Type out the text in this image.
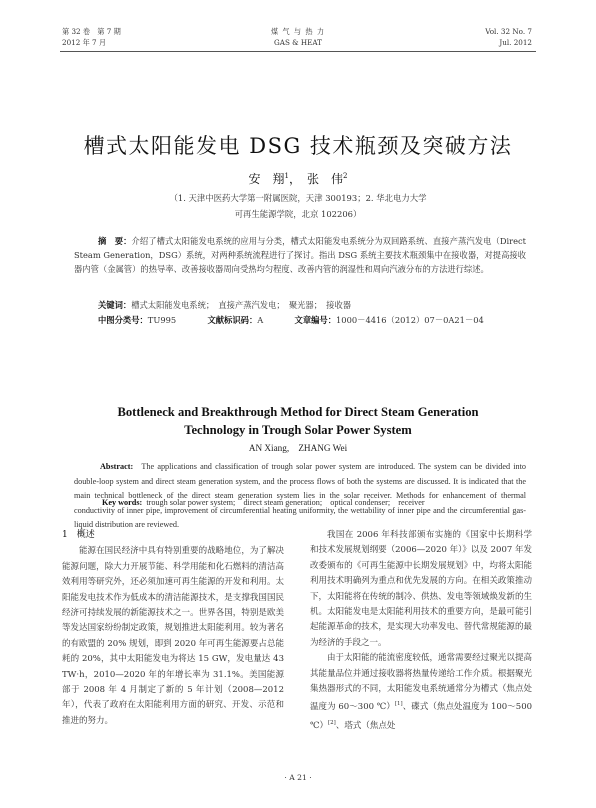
第 32 卷　第 7 期
2012 年 7 月
煤 气 与 热 力
GAS & HEAT
Vol. 32 No. 7
Jul. 2012
槽式太阳能发电 DSG 技术瓶颈及突破方法
安　翔$^1$，　张　伟$^2$
（1. 天津中医药大学第一附属医院，天津 300193；2. 华北电力大学
可再生能源学院，北京 102206）
摘　要：介绍了槽式太阳能发电系统的应用与分类，槽式太阳能发电系统分为双回路系统、直接产蒸汽发电（Direct Steam Generation，DSG）系统，对两种系统流程进行了探讨。指出 DSG 系统主要技术瓶颈集中在接收器，对提高接收器内管（金属管）的热导率、改善接收器周向受热均匀程度、改善内管的润湿性和周向汽液分布的方法进行综述。
关键词：槽式太阳能发电系统；　直接产蒸汽发电；　聚光器；　接收器
中图分类号：TU995	文献标识码：A	文章编号：1000－4416（2012）07－0A21－04
Bottleneck and Breakthrough Method for Direct Steam Generation
Technology in Trough Solar Power System
AN Xiang,　ZHANG Wei
Abstract:  The applications and classification of trough solar power system are introduced. The system can be divided into double-loop system and direct steam generation system, and the process flows of both the systems are discussed. It is indicated that the main technical bottleneck of the direct steam generation system lies in the solar receiver. Methods for enhancement of thermal conductivity of inner pipe, improvement of circumferential heating uniformity, the wettability of inner pipe and the circumferential gas-liquid distribution are reviewed.
Key words:  trough solar power system;　direct steam generation;　optical condenser;　receiver
1　概述

能源在国民经济中具有特别重要的战略地位，为了解决能源问题，除大力开展节能、科学用能和化石燃料的清洁高效利用等研究外，还必须加速可再生能源的开发和利用。太阳能发电技术作为低成本的清洁能源技术，是支撑我国国民经济可持续发展的新能源技术之一。世界各国，特别是欧美等发达国家纷纷制定政策，规划推进太阳能利用。较为著名的有欧盟的 20% 规划，即到 2020 年可再生能源要占总能耗的 20%，其中太阳能发电为将达 15 GW，发电量达 43 TW·h，2010—2020 年的年增长率为 31.1%。美国能源部于 2008 年 4 月制定了新的 5 年计划（2008—2012 年），代表了政府在太阳能利用方面的研究、开发、示范和推进的努力。

我国在 2006 年科技部颁布实施的《国家中长期科学和技术发展规划纲要（2006—2020 年）》以及 2007 年发改委颁布的《可再生能源中长期发展规划》中，均将太阳能利用技术明确列为重点和优先发展的方向。在相关政策推动下，太阳能将在传统的制冷、供热、发电等领域焕发新的生机。太阳能发电是太阳能利用技术的重要方向，是最可能引起能源革命的技术，是实现大功率发电、替代常规能源的最为经济的手段之一。

由于太阳能的能流密度较低，通常需要经过聚光以提高其能量品位并通过接收器将热量传递给工作介质。根据聚光集热器形式的不同，太阳能发电系统通常分为槽式（焦点处温度为 60～300 ℃）[1]、碟式（焦点处温度为 100～500 ℃）[2]、塔式（焦点处

· A 21 ·
